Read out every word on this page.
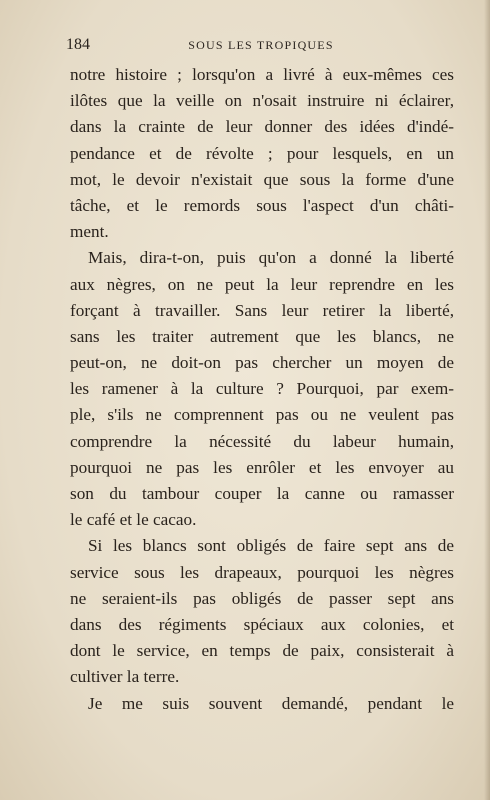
184	SOUS LES TROPIQUES
notre histoire ; lorsqu'on a livré à eux-mêmes ces
ilôtes que la veille on n'osait instruire ni éclairer,
dans la crainte de leur donner des idées d'indé-
pendance et de révolte ; pour lesquels, en un
mot, le devoir n'existait que sous la forme d'une
tâche, et le remords sous l'aspect d'un châti-
ment.
Mais, dira-t-on, puis qu'on a donné la liberté
aux nègres, on ne peut la leur reprendre en les
forçant à travailler. Sans leur retirer la liberté,
sans les traiter autrement que les blancs, ne
peut-on, ne doit-on pas chercher un moyen de
les ramener à la culture ? Pourquoi, par exem-
ple, s'ils ne comprennent pas ou ne veulent pas
comprendre la nécessité du labeur humain,
pourquoi ne pas les enrôler et les envoyer au
son du tambour couper la canne ou ramasser
le café et le cacao.
Si les blancs sont obligés de faire sept ans de
service sous les drapeaux, pourquoi les nègres
ne seraient-ils pas obligés de passer sept ans
dans des régiments spéciaux aux colonies, et
dont le service, en temps de paix, consisterait à
cultiver la terre.
Je me suis souvent demandé, pendant le
